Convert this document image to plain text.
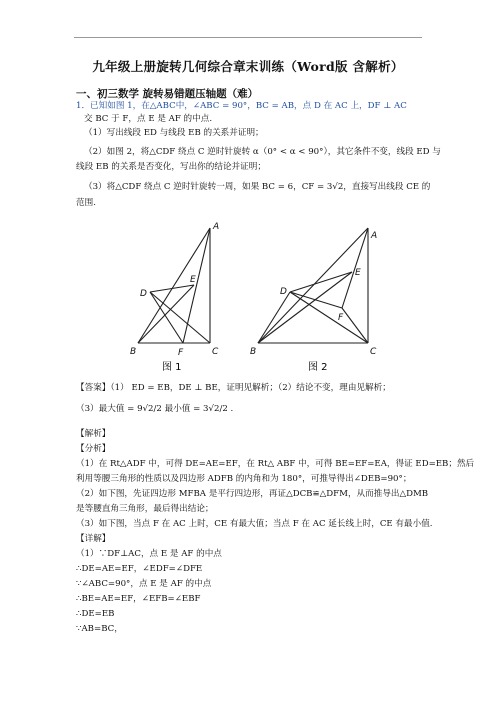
九年级上册旋转几何综合章末训练（Word版 含解析）
一、初三数学 旋转易错题压轴题（难）
1．已知如图 1，在△ABC中，∠ABC = 90°，BC = AB，点 D 在 AC 上，DF ⊥ AC
交 BC 于 F，点 E 是 AF 的中点.
（1）写出线段 ED 与线段 EB 的关系并证明；
（2）如图 2，将△CDF 绕点 C 逆时针旋转 α（0° < α < 90°），其它条件不变，线段 ED 与
线段 EB 的关系是否变化，写出你的结论并证明；
（3）将△CDF 绕点 C 逆时针旋转一周，如果 BC = 6，CF = 3√2，直接写出线段 CE 的
范围.
A
D
E
F
B	C
图 1
A
E
D
F
B	C
图 2
【答案】（1） ED = EB，DE ⊥ BE，证明见解析；（2）结论不变，理由见解析；
（3）最大值 = 9√2/2 最小值 = 3√2/2 .
【解析】
【分析】
（1）在 Rt△ADF 中，可得 DE=AE=EF，在 Rt△ ABF 中，可得 BE=EF=EA，得证 ED=EB；然后
利用等腰三角形的性质以及四边形 ADFB 的内角和为 180°，可推导得出∠DEB=90°；
（2）如下图，先证四边形 MFBA 是平行四边形，再证△DCB≌△DFM，从而推导出△DMB
是等腰直角三角形，最后得出结论；
（3）如下图，当点 F 在 AC 上时，CE 有最大值；当点 F 在 AC 延长线上时，CE 有最小值.
【详解】
（1）∵DF⊥AC，点 E 是 AF 的中点
∴DE=AE=EF，∠EDF=∠DFE
∵∠ABC=90°，点 E 是 AF 的中点
∴BE=AE=EF，∠EFB=∠EBF
∴DE=EB
∵AB=BC，
